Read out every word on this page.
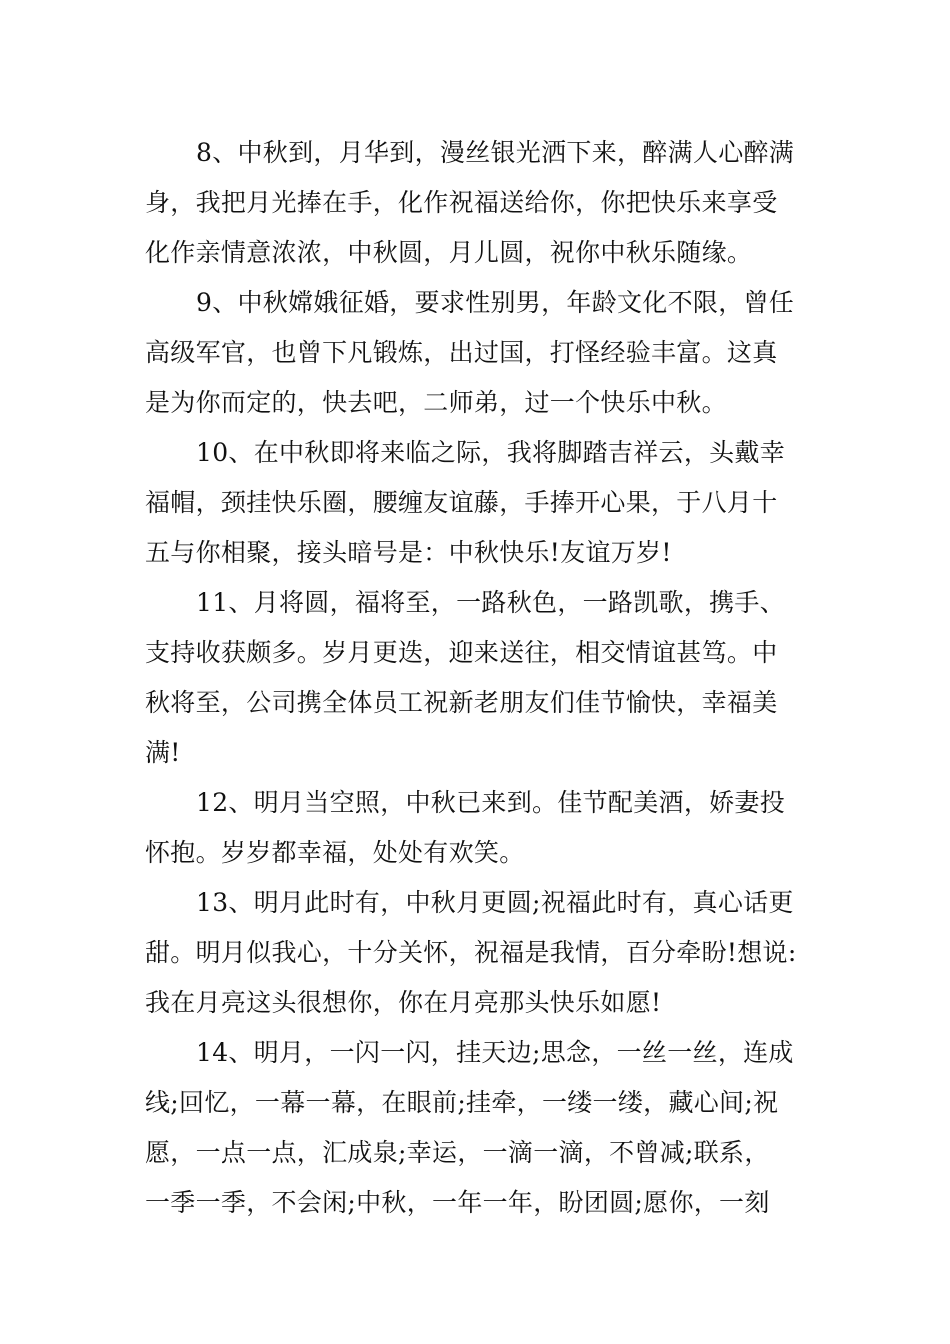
8、中秋到，月华到，漫丝银光洒下来，醉满人心醉满
身，我把月光捧在手，化作祝福送给你，你把快乐来享受
化作亲情意浓浓，中秋圆，月儿圆，祝你中秋乐随缘。
9、中秋嫦娥征婚，要求性别男，年龄文化不限，曾任
高级军官，也曾下凡锻炼，出过国，打怪经验丰富。这真
是为你而定的，快去吧，二师弟，过一个快乐中秋。
10、在中秋即将来临之际，我将脚踏吉祥云，头戴幸
福帽，颈挂快乐圈，腰缠友谊藤，手捧开心果，于八月十
五与你相聚，接头暗号是：中秋快乐!友谊万岁!
11、月将圆，福将至，一路秋色，一路凯歌，携手、
支持收获颇多。岁月更迭，迎来送往，相交情谊甚笃。中
秋将至，公司携全体员工祝新老朋友们佳节愉快，幸福美
满!
12、明月当空照，中秋已来到。佳节配美酒，娇妻投
怀抱。岁岁都幸福，处处有欢笑。
13、明月此时有，中秋月更圆;祝福此时有，真心话更
甜。明月似我心，十分关怀，祝福是我情，百分牵盼!想说:
我在月亮这头很想你，你在月亮那头快乐如愿!
14、明月，一闪一闪，挂天边;思念，一丝一丝，连成
线;回忆，一幕一幕，在眼前;挂牵，一缕一缕，藏心间;祝
愿，一点一点，汇成泉;幸运，一滴一滴，不曾减;联系，
一季一季，不会闲;中秋，一年一年，盼团圆;愿你，一刻
